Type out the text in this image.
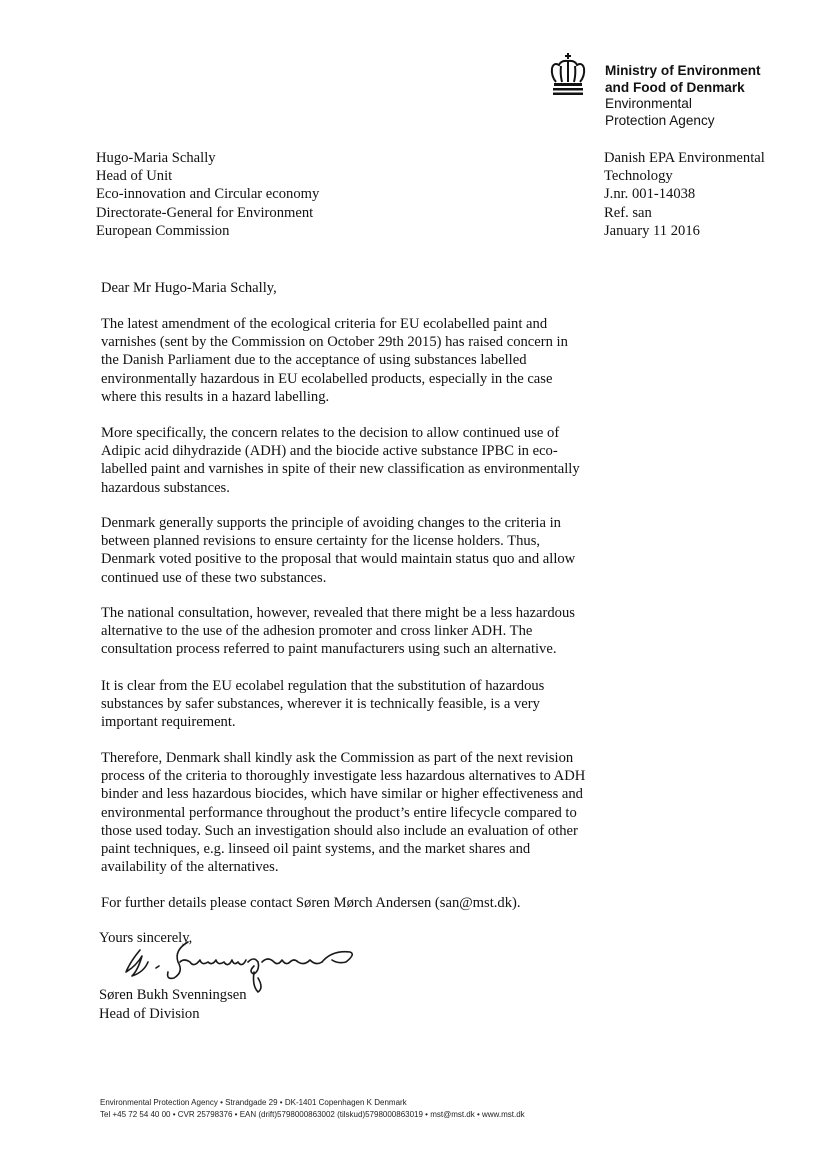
Ministry of Environment
and Food of Denmark
Environmental
Protection Agency
Hugo-Maria Schally
Head of Unit
Eco-innovation and Circular economy
Directorate-General for Environment
European Commission
Danish EPA Environmental
Technology
J.nr. 001-14038
Ref. san
January 11 2016
Dear Mr Hugo-Maria Schally,
The latest amendment of the ecological criteria for EU ecolabelled paint and
varnishes (sent by the Commission on October 29th 2015) has raised concern in
the Danish Parliament due to the acceptance of using substances labelled
environmentally hazardous in EU ecolabelled products, especially in the case
where this results in a hazard labelling.
More specifically, the concern relates to the decision to allow continued use of
Adipic acid dihydrazide (ADH) and the biocide active substance IPBC in eco-
labelled paint and varnishes in spite of their new classification as environmentally
hazardous substances.
Denmark generally supports the principle of avoiding changes to the criteria in
between planned revisions to ensure certainty for the license holders. Thus,
Denmark voted positive to the proposal that would maintain status quo and allow
continued use of these two substances.
The national consultation, however, revealed that there might be a less hazardous
alternative to the use of the adhesion promoter and cross linker ADH. The
consultation process referred to paint manufacturers using such an alternative.
It is clear from the EU ecolabel regulation that the substitution of hazardous
substances by safer substances, wherever it is technically feasible, is a very
important requirement.
Therefore, Denmark shall kindly ask the Commission as part of the next revision
process of the criteria to thoroughly investigate less hazardous alternatives to ADH
binder and less hazardous biocides, which have similar or higher effectiveness and
environmental performance throughout the product’s entire lifecycle compared to
those used today. Such an investigation should also include an evaluation of other
paint techniques, e.g. linseed oil paint systems, and the market shares and
availability of the alternatives.
For further details please contact Søren Mørch Andersen (san@mst.dk).
Yours sincerely,
Søren Bukh Svenningsen
Head of Division
Environmental Protection Agency • Strandgade 29 • DK-1401 Copenhagen K Denmark
Tel +45 72 54 40 00 • CVR 25798376 • EAN (drift)5798000863002 (tilskud)5798000863019 • mst@mst.dk • www.mst.dk
